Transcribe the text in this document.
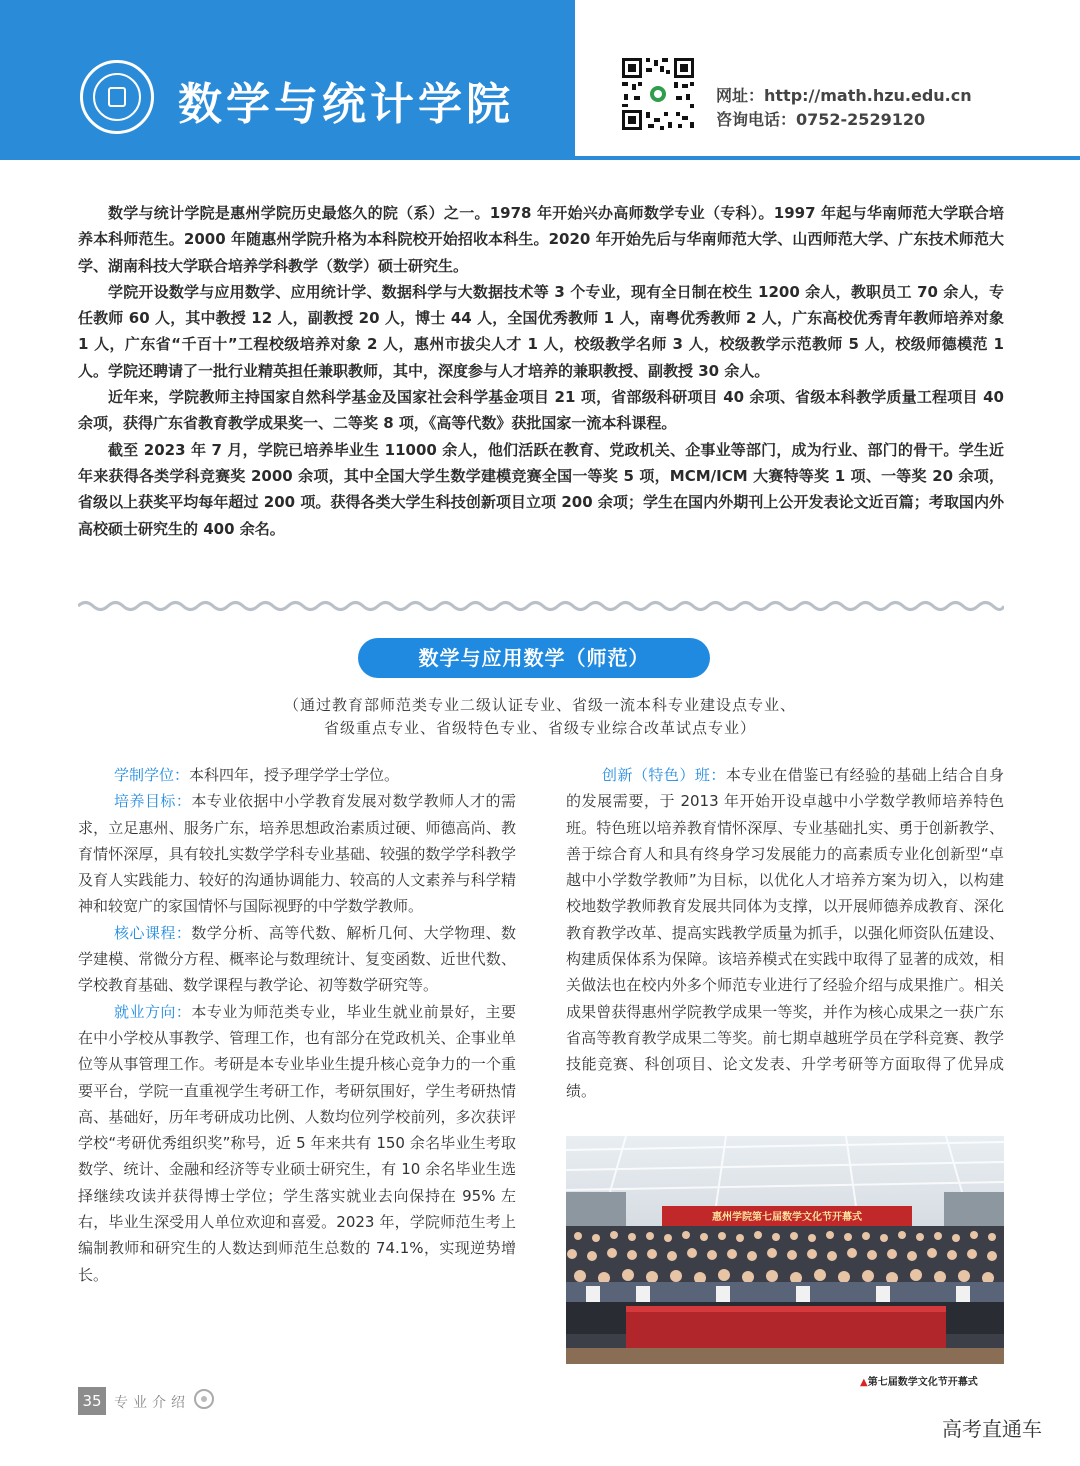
数学与统计学院	网址：http://math.hzu.edu.cn
咨询电话：0752-2529120

数学与统计学院是惠州学院历史最悠久的院（系）之一。1978 年开始兴办高师数学专业（专科）。1997 年起与华南师范大学联合培养本科师范生。2000 年随惠州学院升格为本科院校开始招收本科生。2020 年开始先后与华南师范大学、山西师范大学、广东技术师范大学、湖南科技大学联合培养学科教学（数学）硕士研究生。

学院开设数学与应用数学、应用统计学、数据科学与大数据技术等 3 个专业，现有全日制在校生 1200 余人，教职员工 70 余人，专任教师 60 人，其中教授 12 人，副教授 20 人，博士 44 人，全国优秀教师 1 人，南粤优秀教师 2 人，广东高校优秀青年教师培养对象 1 人，广东省“千百十”工程校级培养对象 2 人，惠州市拔尖人才 1 人，校级教学名师 3 人，校级教学示范教师 5 人，校级师德模范 1 人。学院还聘请了一批行业精英担任兼职教师，其中，深度参与人才培养的兼职教授、副教授 30 余人。

近年来，学院教师主持国家自然科学基金及国家社会科学基金项目 21 项，省部级科研项目 40 余项、省级本科教学质量工程项目 40 余项，获得广东省教育教学成果奖一、二等奖 8 项，《高等代数》获批国家一流本科课程。

截至 2023 年 7 月，学院已培养毕业生 11000 余人，他们活跃在教育、党政机关、企事业等部门，成为行业、部门的骨干。学生近年来获得各类学科竞赛奖 2000 余项，其中全国大学生数学建模竞赛全国一等奖 5 项，MCM/ICM 大赛特等奖 1 项、一等奖 20 余项，省级以上获奖平均每年超过 200 项。获得各类大学生科技创新项目立项 200 余项；学生在国内外期刊上公开发表论文近百篇；考取国内外高校硕士研究生的 400 余名。

数学与应用数学（师范）
（通过教育部师范类专业二级认证专业、省级一流本科专业建设点专业、
省级重点专业、省级特色专业、省级专业综合改革试点专业）

学制学位：本科四年，授予理学学士学位。

培养目标：本专业依据中小学教育发展对数学教师人才的需求，立足惠州、服务广东，培养思想政治素质过硬、师德高尚、教育情怀深厚，具有较扎实数学学科专业基础、较强的数学学科教学及育人实践能力、较好的沟通协调能力、较高的人文素养与科学精神和较宽广的家国情怀与国际视野的中学数学教师。

核心课程：数学分析、高等代数、解析几何、大学物理、数学建模、常微分方程、概率论与数理统计、复变函数、近世代数、学校教育基础、数学课程与教学论、初等数学研究等。

就业方向：本专业为师范类专业，毕业生就业前景好，主要在中小学校从事教学、管理工作，也有部分在党政机关、企事业单位等从事管理工作。考研是本专业毕业生提升核心竞争力的一个重要平台，学院一直重视学生考研工作，考研氛围好，学生考研热情高、基础好，历年考研成功比例、人数均位列学校前列，多次获评学校“考研优秀组织奖”称号，近 5 年来共有 150 余名毕业生考取数学、统计、金融和经济等专业硕士研究生，有 10 余名毕业生选择继续攻读并获得博士学位；学生落实就业去向保持在 95% 左右，毕业生深受用人单位欢迎和喜爱。2023 年，学院师范生考上编制教师和研究生的人数达到师范生总数的 74.1%，实现逆势增长。

创新（特色）班：本专业在借鉴已有经验的基础上结合自身的发展需要，于 2013 年开始开设卓越中小学数学教师培养特色班。特色班以培养教育情怀深厚、专业基础扎实、勇于创新教学、善于综合育人和具有终身学习发展能力的高素质专业化创新型“卓越中小学数学教师”为目标，以优化人才培养方案为切入，以构建校地数学教师教育发展共同体为支撑，以开展师德养成教育、深化教育教学改革、提高实践教学质量为抓手，以强化师资队伍建设、构建质保体系为保障。该培养模式在实践中取得了显著的成效，相关做法也在校内外多个师范专业进行了经验介绍与成果推广。相关成果曾获得惠州学院教学成果一等奖，并作为核心成果之一获广东省高等教育教学成果二等奖。前七期卓越班学员在学科竞赛、教学技能竞赛、科创项目、论文发表、升学考研等方面取得了优异成绩。

惠州学院第七届数学文化节开幕式
▲第七届数学文化节开幕式
35 专业介绍
高考直通车
